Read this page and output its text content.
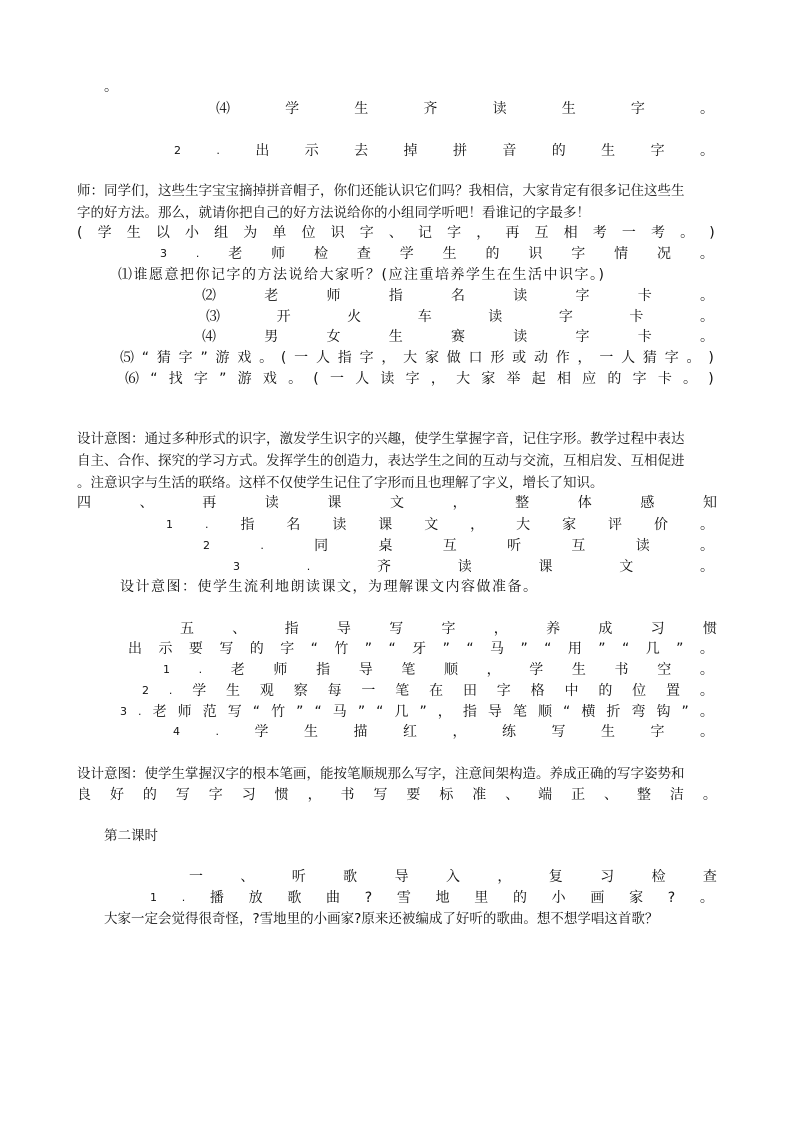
。
⑷	学	生	齐	读	生	字	。
2	.	出	示	去	掉	拼	音	的	生	字	。
师：同学们，这些生字宝宝摘掉拼音帽子，你们还能认识它们吗？我相信，大家肯定有很多记住这些生
字的好方法。那么，就请你把自己的好方法说给你的小组同学听吧！看谁记的字最多！
( 学 生 以 小 组 为 单 位 识 字 、 记 字 ， 再 互 相 考 一 考 。 )
3	. 老 师 检 查 学 生 的 识 字 情 况 。
⑴谁愿意把你记字的方法说给大家听？(应注重培养学生在生活中识字。)
⑵	老	师	指	名	读	字	卡	。
⑶	开	火	车	读	字	卡	。
⑷	男	女	生	赛	读	字	卡	。
⑸ “ 猜 字 ” 游 戏 。 ( 一 人 指 字 ， 大 家 做 口 形 或 动 作 ， 一 人 猜 字 。 )
⑹ “ 找 字 ” 游 戏 。 ( 一 人 读 字 ， 大 家 举 起 相 应 的 字 卡 。 )
设计意图：通过多种形式的识字，激发学生识字的兴趣，使学生掌握字音，记住字形。教学过程中表达
自主、合作、探究的学习方式。发挥学生的创造力，表达学生之间的互动与交流，互相启发、互相促进
。注意识字与生活的联络。这样不仅使学生记住了字形而且也理解了字义，增长了知识。
四	、	再	读	课	文	，	整	体	感	知
1	. 指 名 读 课 文 ， 大 家 评 价 。
2	.	同	桌	互	听	互	读	。
3	.	齐	读	课	文	。
设计意图：使学生流利地朗读课文，为理解课文内容做准备。
五	、	指	导	写	字	，	养	成	习	惯
出 示 要 写 的 字 “ 竹 ” “ 牙 ” “ 马 ” “ 用 ” “ 几 ” 。
1	. 老 师 指 导 笔 顺 ， 学 生 书 空 。
2 . 学 生 观 察 每 一 笔 在 田 字 格 中 的 位 置 。
3 . 老 师 范 写 “ 竹 ” “ 马 ” “ 几 ” ， 指 导 笔 顺 “ 横 折 弯 钩 ” 。
4	.	学	生	描	红	，	练	写	生	字	。
设计意图：使学生掌握汉字的根本笔画，能按笔顺规那么写字，注意间架构造。养成正确的写字姿势和
良 好 的 写 字 习 惯 ， 书 写 要 标 准 、 端 正 、 整 洁 。
第二课时
一	、	听	歌	导	入	，	复	习	检	查
1 . 播 放 歌 曲 ? 雪 地 里 的 小 画 家 ? 。
大家一定会觉得很奇怪，?雪地里的小画家?原来还被编成了好听的歌曲。想不想学唱这首歌？
